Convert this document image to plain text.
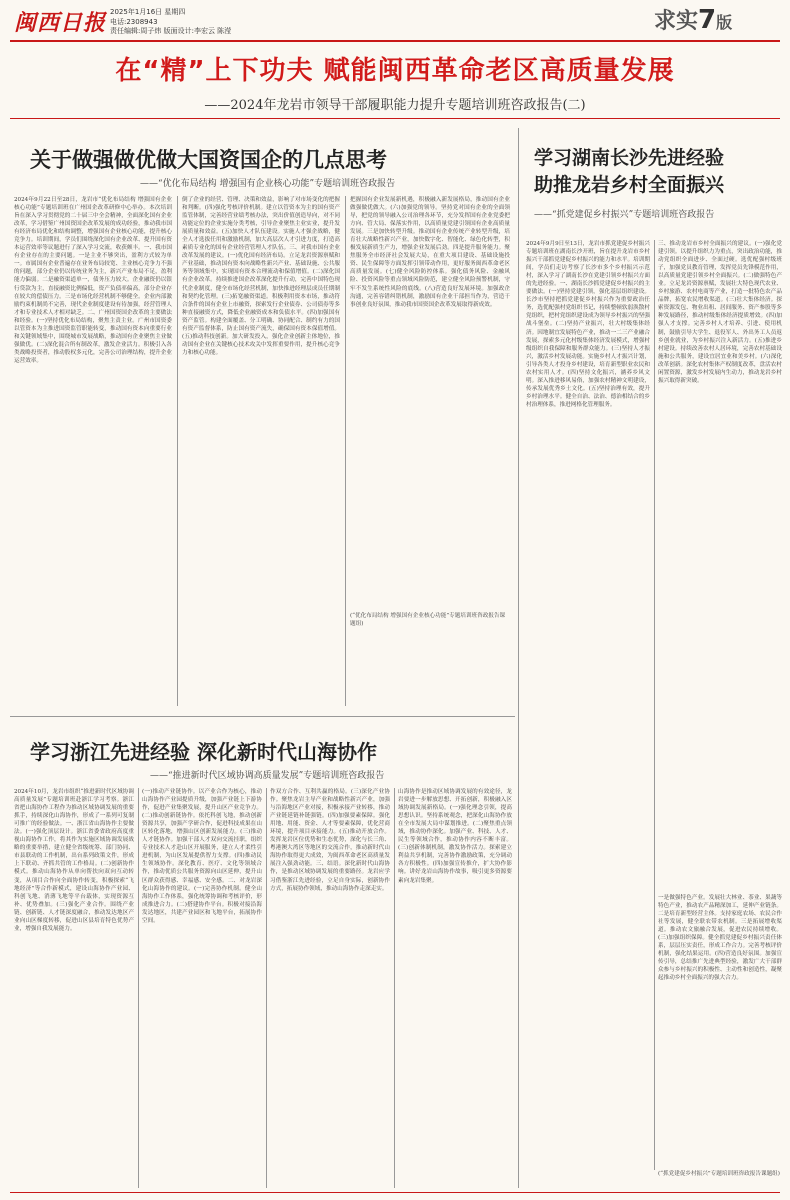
闽西日报 2025年1月16日 星期四
电话:2308943
责任编辑:周子炜 版面设计:李宏云 陈滢	求实7版
在“精”上下功夫 赋能闽西革命老区高质量发展
——2024年龙岩市领导干部履职能力提升专题培训班咨政报告(二)
关于做强做优做大国资国企的几点思考
——“优化布局结构 增强国有企业核心功能”专题培训班咨政报告
2024年9月22日至28日，龙岩市“优化布局结构 增强国有企业核心功能”专题培训班在广州国企改革研修中心举办。本次培训旨在深入学习贯彻党的二十届三中全会精神，全面深化国有企业改革，学习借鉴广州国资国企改革发展的成功经验，推动我市国有经济布局优化和结构调整，增强国有企业核心功能，提升核心竞争力。培训期间，学员们围绕深化国有企业改革、提升国有资本运营效率等议题进行了深入学习交流，收获颇丰。一、我市国有企业存在的主要问题。一是主业不够突出，盈利方式较为单一。市属国有企业普遍存在业务布局较宽、主业核心竞争力不强的问题，部分企业仍以传统业务为主，新兴产业布局不足，盈利能力偏弱。二是融资渠道单一，债务压力较大。企业融资仍以银行贷款为主，直接融资比例偏低，资产负债率偏高，部分企业存在较大的偿债压力。三是市场化经营机制不够健全。企业内部激励约束机制尚不完善，现代企业制度建设有待加强，经营管理人才和专业技术人才相对缺乏。二、广州国资国企改革的主要做法和经验。(一)坚持优化布局结构，聚焦主责主业。广州市国资委以管资本为主推进国资监管职能转变，推动国有资本向重要行业和关键领域集中，围绕城市发展战略，推动国有企业聚焦主业做强做优。(二)深化混合所有制改革，激发企业活力。积极引入各类战略投资者，推动股权多元化，完善公司治理结构，提升企业运营效率。
倒了企业的经营、管理、决策和效益，影响了对市场变化的把握和判断。(四)强化考核评价机制。建立以管资本为主的国有资产监管体制，完善经营业绩考核办法，突出价值创造导向，对不同功能定位的企业实施分类考核，引导企业聚焦主业实业，提升发展质量和效益。(五)加快人才队伍建设。实施人才强企战略，健全人才选拔任用和激励机制，加大高层次人才引进力度，打造高素质专业化的国有企业经营管理人才队伍。三、对我市国有企业改革发展的建议。(一)优化国有经济布局。立足龙岩资源禀赋和产业基础，推动国有资本向战略性新兴产业、基础设施、公共服务等领域集中，实现国有资本合理流动和保值增值。(二)深化国有企业改革。持续推进国企改革深化提升行动，完善中国特色现代企业制度，健全市场化经营机制，加快推进经理层成员任期制和契约化管理。(三)拓宽融资渠道。积极利用资本市场，推动符合条件的国有企业上市融资，探索发行企业债券、公司债券等多种直接融资方式，降低企业融资成本和负债水平。(四)加强国有资产监管。构建全面覆盖、分工明确、协同配合、制约有力的国有资产监督体系，防止国有资产流失，确保国有资本保值增值。(五)推动科技创新。加大研发投入，强化企业创新主体地位，推动国有企业在关键核心技术攻关中发挥重要作用，提升核心竞争力和核心功能。
把握国有企业发展新机遇，积极融入新发展格局，推动国有企业做强做优做大。(六)加强党的领导。坚持党对国有企业的全面领导，把党的领导融入公司治理各环节，充分发挥国有企业党委把方向、管大局、保落实作用，以高质量党建引领国有企业高质量发展。三是加快转型升级。推动国有企业传统产业转型升级，培育壮大战略性新兴产业，加快数字化、智能化、绿色化转型，积极发展新质生产力，增强企业发展后劲。四是提升服务能力。聚焦服务全市经济社会发展大局，在重大项目建设、基础设施投资、民生保障等方面发挥引领带动作用，更好服务闽西革命老区高质量发展。(七)健全风险防控体系。强化债务风险、金融风险、投资风险等重点领域风险防范，建立健全风险预警机制，守牢不发生系统性风险的底线。(八)营造良好发展环境。加强政企沟通，完善容错纠错机制，激励国有企业干部担当作为，营造干事创业良好氛围，推动我市国资国企改革发展取得新成效。
(“优化布局结构 增强国有企业核心功能”专题培训班咨政报告课题组)
学习湖南长沙先进经验
助推龙岩乡村全面振兴
——“抓党建促乡村振兴”专题培训班咨政报告
2024年9月9日至13日，龙岩市抓党建促乡村振兴专题培训班在湖南长沙开班，旨在提升龙岩市乡村振兴干部抓党建促乡村振兴的能力和水平。培训期间，学员们走访考察了长沙市多个乡村振兴示范村，深入学习了湖南长沙在党建引领乡村振兴方面的先进经验。一、湖南长沙抓党建促乡村振兴的主要做法。(一)坚持党建引领，强化基层组织建设。长沙市坚持把抓党建促乡村振兴作为重要政治任务，选优配强村党组织书记，持续整顿软弱涣散村党组织，把村党组织建设成为领导乡村振兴的坚强战斗堡垒。(二)坚持产业振兴，壮大村级集体经济。因地制宜发展特色产业，推动一二三产业融合发展，探索多元化村级集体经济发展模式，增强村级组织自我保障和服务群众能力。(三)坚持人才振兴，激活乡村发展动能。实施乡村人才振兴计划，引导各类人才投身乡村建设，培育新型职业农民和农村实用人才。(四)坚持文化振兴，涵养乡风文明。深入推进移风易俗，加强农村精神文明建设，传承发展优秀乡土文化。(五)坚持治理有效，提升乡村治理水平。健全自治、法治、德治相结合的乡村治理体系，推进网格化管理服务。
三、推动龙岩市乡村全面振兴的建议。(一)强化党建引领。以提升组织力为重点，突出政治功能，推动党组织全面进步、全面过硬。选优配强村级班子，加强党员教育管理，发挥党员先锋模范作用，以高质量党建引领乡村全面振兴。(二)做强特色产业。立足龙岩资源禀赋，发展壮大特色现代农业、乡村旅游、农村电商等产业，打造一批特色农产品品牌，拓宽农民增收渠道。(三)壮大集体经济。探索资源发包、物业出租、居间服务、资产参股等多种发展路径，推动村级集体经济提质增效。(四)加强人才支撑。完善乡村人才培养、引进、使用机制，鼓励引导大学生、退役军人、外出务工人员返乡创业就业，为乡村振兴注入新活力。(五)推进乡村建设。持续改善农村人居环境，完善农村基础设施和公共服务，建设宜居宜业和美乡村。(六)深化改革创新。深化农村集体产权制度改革，盘活农村闲置资源，激发乡村发展内生动力，推动龙岩乡村振兴取得新突破。
一是做强特色产业。发展壮大林业、茶业、果蔬等特色产业，推动农产品精深加工，延伸产业链条。二是培育新型经营主体。支持家庭农场、农民合作社等发展，健全联农带农机制。三是拓展增收渠道。推动农文旅融合发展，促进农民持续增收。(三)加强组织保障。健全抓党建促乡村振兴责任体系，层层压实责任，形成工作合力。完善考核评价机制，强化结果运用。(四)营造良好氛围。加强宣传引导，总结推广先进典型经验，激发广大干部群众参与乡村振兴的积极性、主动性和创造性，凝聚起推动乡村全面振兴的强大合力。
(“抓党建促乡村振兴”专题培训班咨政报告课题组)
学习浙江先进经验 深化新时代山海协作
——“推进新时代区域协调高质量发展”专题培训班咨政报告
2024年10月，龙岩市组织“推进新时代区域协调高质量发展”专题培训班赴浙江学习考察。浙江省把山海协作工程作为推动区域协调发展的重要抓手，持续深化山海协作，形成了一系列可复制可推广的经验做法。一、浙江省山海协作主要做法。(一)强化顶层设计。浙江省委省政府高度重视山海协作工作，将其作为实施区域协调发展战略的重要举措，建立健全省级统筹、部门协同、市县联动的工作机制，出台系列政策文件，形成上下联动、齐抓共管的工作格局。(二)创新协作模式。推动山海协作从单向帮扶向双向互动转变，从项目合作向全面协作转变，积极探索“飞地经济”等合作新模式，建设山海协作产业园、科创飞地、消薄飞地等平台载体，实现资源互补、优势叠加。(三)强化产业合作。围绕产业链、创新链、人才链深度融合，推动发达地区产业向山区梯度转移，促进山区县培育特色优势产业，增强自我发展能力。
(一)推动产业链协作。以产业合作为核心，推动山海协作产业园提质升级，加强产业链上下游协作，促进产业集聚发展，提升山区产业竞争力。(二)推动创新链协作。依托科创飞地，推动创新资源共享，加强产学研合作，促进科技成果在山区转化落地，增强山区创新发展能力。(三)推动人才链协作。加强干部人才双向交流挂职，组织专业技术人才赴山区开展服务，建立人才柔性引进机制，为山区发展提供智力支撑。(四)推动民生领域协作。深化教育、医疗、文化等领域合作，推动优质公共服务资源向山区延伸，提升山区群众获得感、幸福感、安全感。二、对龙岩深化山海协作的建议。(一)完善协作机制。健全山海协作工作体系，强化统筹协调和考核评价，形成推进合力。(二)搭建协作平台。积极对接沿海发达地区，共建产业园区和飞地平台，拓展协作空间。
作双方合作、互利共赢的格局。(三)深化产业协作。聚焦龙岩主导产业和战略性新兴产业，加强与沿海地区产业对接，积极承接产业转移，推动产业链延链补链强链。(四)加强要素保障。强化用地、用能、资金、人才等要素保障，优化营商环境，提升项目承接能力。(五)推动开放合作。发挥龙岩区位优势和生态优势，深化与长三角、粤港澳大湾区等地区的交流合作，推动新时代山海协作取得更大成效，为闽西革命老区高质量发展注入强劲动能。三、结语。深化新时代山海协作，是推动区域协调发展的重要路径。龙岩应学习借鉴浙江先进经验，立足自身实际，创新协作方式，拓展协作领域，推动山海协作走深走实。
山海协作是推动区域协调发展的有效途径，龙岩要进一步解放思想、开拓创新，积极融入区域协调发展新格局。(一)强化理念引领，提高思想认识。坚持系统观念，把深化山海协作放在全市发展大局中谋划推进。(二)聚焦重点领域，推动协作深化。加强产业、科技、人才、民生等领域合作，推动协作内容不断丰富。(三)创新体制机制，激发协作活力。探索建立利益共享机制，完善协作激励政策，充分调动各方积极性。(四)加强宣传推介，扩大协作影响。讲好龙岩山海协作故事，吸引更多资源要素向龙岩集聚。
